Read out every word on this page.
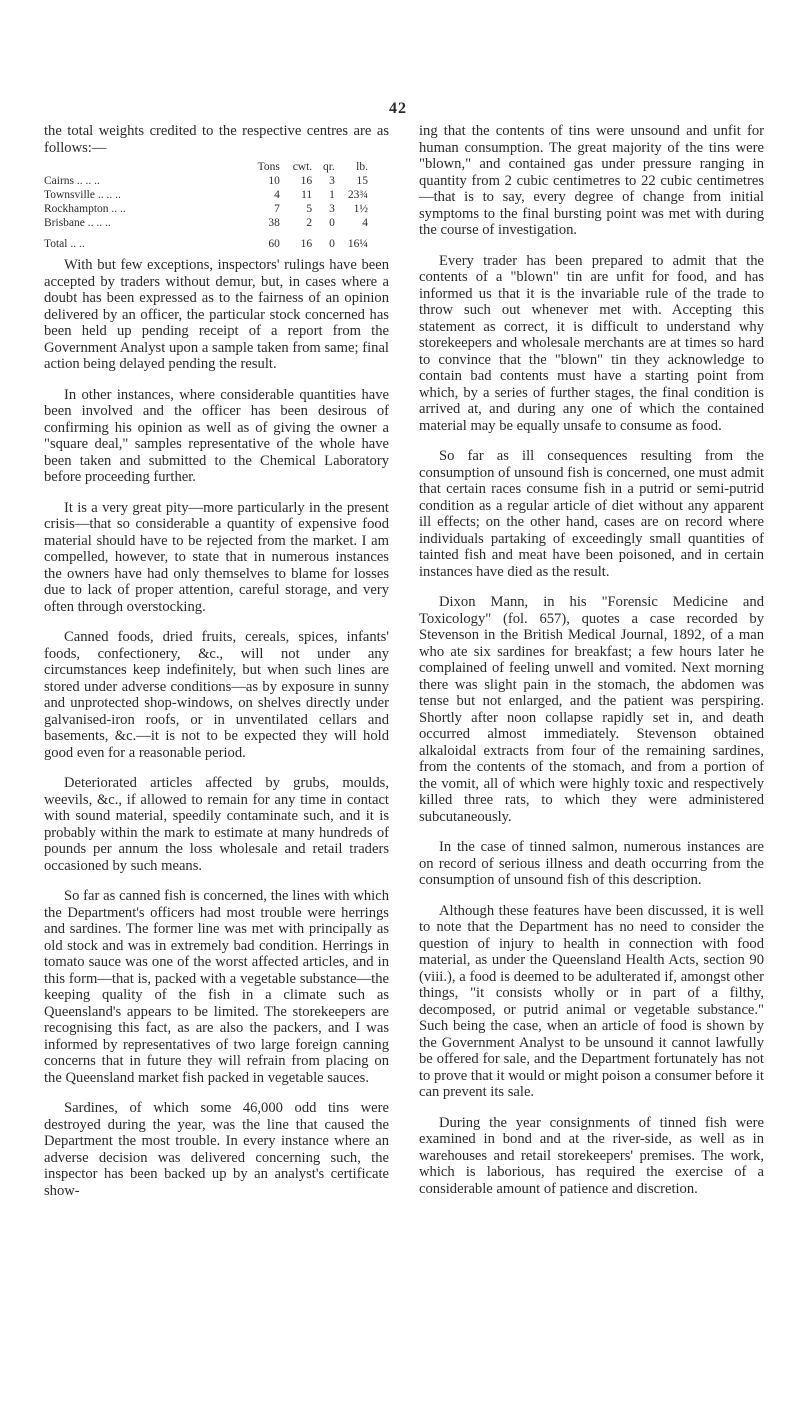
42

the total weights credited to the respective centres are as follows:—

	Tons	cwt.	qr.	lb.
Cairns .. .. ..	10	16	3	15
Townsville .. .. ..	4	11	1	23¾
Rockhampton .. ..	7	5	3	1½
Brisbane .. .. ..	38	2	0	4
Total .. ..	60	16	0	16¼

With but few exceptions, inspectors' rulings have been accepted by traders without demur, but, in cases where a doubt has been expressed as to the fairness of an opinion delivered by an officer, the particular stock concerned has been held up pending receipt of a report from the Government Analyst upon a sample taken from same; final action being delayed pending the result.

In other instances, where considerable quantities have been involved and the officer has been desirous of confirming his opinion as well as of giving the owner a "square deal," samples representative of the whole have been taken and submitted to the Chemical Laboratory before proceeding further.

It is a very great pity—more particularly in the present crisis—that so considerable a quantity of expensive food material should have to be rejected from the market. I am compelled, however, to state that in numerous instances the owners have had only themselves to blame for losses due to lack of proper attention, careful storage, and very often through overstocking.

Canned foods, dried fruits, cereals, spices, infants' foods, confectionery, &c., will not under any circumstances keep indefinitely, but when such lines are stored under adverse conditions—as by exposure in sunny and unprotected shop-windows, on shelves directly under galvanised-iron roofs, or in unventilated cellars and basements, &c.—it is not to be expected they will hold good even for a reasonable period.

Deteriorated articles affected by grubs, moulds, weevils, &c., if allowed to remain for any time in contact with sound material, speedily contaminate such, and it is probably within the mark to estimate at many hundreds of pounds per annum the loss wholesale and retail traders occasioned by such means.

So far as canned fish is concerned, the lines with which the Department's officers had most trouble were herrings and sardines. The former line was met with principally as old stock and was in extremely bad condition. Herrings in tomato sauce was one of the worst affected articles, and in this form—that is, packed with a vegetable substance—the keeping quality of the fish in a climate such as Queensland's appears to be limited. The storekeepers are recognising this fact, as are also the packers, and I was informed by representatives of two large foreign canning concerns that in future they will refrain from placing on the Queensland market fish packed in vegetable sauces.

Sardines, of which some 46,000 odd tins were destroyed during the year, was the line that caused the Department the most trouble. In every instance where an adverse decision was delivered concerning such, the inspector has been backed up by an analyst's certificate show-

ing that the contents of tins were unsound and unfit for human consumption. The great majority of the tins were "blown," and contained gas under pressure ranging in quantity from 2 cubic centimetres to 22 cubic centimetres—that is to say, every degree of change from initial symptoms to the final bursting point was met with during the course of investigation.

Every trader has been prepared to admit that the contents of a "blown" tin are unfit for food, and has informed us that it is the invariable rule of the trade to throw such out whenever met with. Accepting this statement as correct, it is difficult to understand why storekeepers and wholesale merchants are at times so hard to convince that the "blown" tin they acknowledge to contain bad contents must have a starting point from which, by a series of further stages, the final condition is arrived at, and during any one of which the contained material may be equally unsafe to consume as food.

So far as ill consequences resulting from the consumption of unsound fish is concerned, one must admit that certain races consume fish in a putrid or semi-putrid condition as a regular article of diet without any apparent ill effects; on the other hand, cases are on record where individuals partaking of exceedingly small quantities of tainted fish and meat have been poisoned, and in certain instances have died as the result.

Dixon Mann, in his "Forensic Medicine and Toxicology" (fol. 657), quotes a case recorded by Stevenson in the British Medical Journal, 1892, of a man who ate six sardines for breakfast; a few hours later he complained of feeling unwell and vomited. Next morning there was slight pain in the stomach, the abdomen was tense but not enlarged, and the patient was perspiring. Shortly after noon collapse rapidly set in, and death occurred almost immediately. Stevenson obtained alkaloidal extracts from four of the remaining sardines, from the contents of the stomach, and from a portion of the vomit, all of which were highly toxic and respectively killed three rats, to which they were administered subcutaneously.

In the case of tinned salmon, numerous instances are on record of serious illness and death occurring from the consumption of unsound fish of this description.

Although these features have been discussed, it is well to note that the Department has no need to consider the question of injury to health in connection with food material, as under the Queensland Health Acts, section 90 (viii.), a food is deemed to be adulterated if, amongst other things, "it consists wholly or in part of a filthy, decomposed, or putrid animal or vegetable substance." Such being the case, when an article of food is shown by the Government Analyst to be unsound it cannot lawfully be offered for sale, and the Department fortunately has not to prove that it would or might poison a consumer before it can prevent its sale.

During the year consignments of tinned fish were examined in bond and at the river-side, as well as in warehouses and retail storekeepers' premises. The work, which is laborious, has required the exercise of a considerable amount of patience and discretion.
